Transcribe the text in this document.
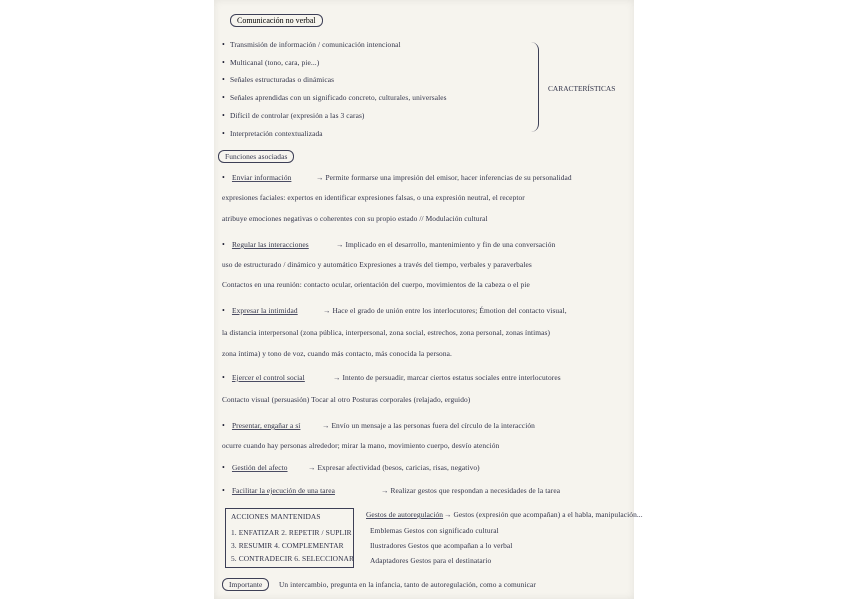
Comunicación no verbal
• Transmisión de información / comunicación intencional
• Multicanal (tono, cara, pie...)
• Señales estructuradas o dinámicas
• Señales aprendidas con un significado concreto, culturales, universales
• Difícil de controlar (expresión a las 3 caras)
• Interpretación contextualizada
CARACTERÍSTICAS
Funciones asociadas
• Enviar información	→ Permite formarse una impresión del emisor, hacer inferencias de su personalidad
expresiones faciales: expertos en identificar expresiones falsas, o una expresión neutral, el receptor
atribuye emociones negativas o coherentes con su propio estado // Modulación cultural
• Regular las interacciones	→ Implicado en el desarrollo, mantenimiento y fin de una conversación
uso de estructurado / dinámico y automático Expresiones a través del tiempo, verbales y paraverbales
Contactos en una reunión: contacto ocular, orientación del cuerpo, movimientos de la cabeza o el pie
• Expresar la intimidad	→ Hace el grado de unión entre los interlocutores; Émotion del contacto visual,
la distancia interpersonal (zona pública, interpersonal, zona social, estrechos, zona personal, zonas íntimas)
zona íntima) y tono de voz, cuando más contacto, más conocida la persona.
• Ejercer el control social	→ Intento de persuadir, marcar ciertos estatus sociales entre interlocutores
Contacto visual (persuasión) Tocar al otro Posturas corporales (relajado, erguido)
• Presentar, engañar a sí	→ Envío un mensaje a las personas fuera del círculo de la interacción
ocurre cuando hay personas alrededor; mirar la mano, movimiento cuerpo, desvío atención
• Gestión del afecto	→ Expresar afectividad (besos, caricias, risas, negativo)
• Facilitar la ejecución de una tarea	→ Realizar gestos que respondan a necesidades de la tarea
ACCIONES MANTENIDAS
1. ENFATIZAR 2. REPETIR / SUPLIR
3. RESUMIR 4. COMPLEMENTAR
5. CONTRADECIR 6. SELECCIONAR
Gestos de autoregulación → Gestos (expresión que acompañan) a el habla, manipulación...
Emblemas Gestos con significado cultural
Ilustradores Gestos que acompañan a lo verbal
Adaptadores Gestos para el destinatario
Importante	Un intercambio, pregunta en la infancia, tanto de autoregulación, como a comunicar
